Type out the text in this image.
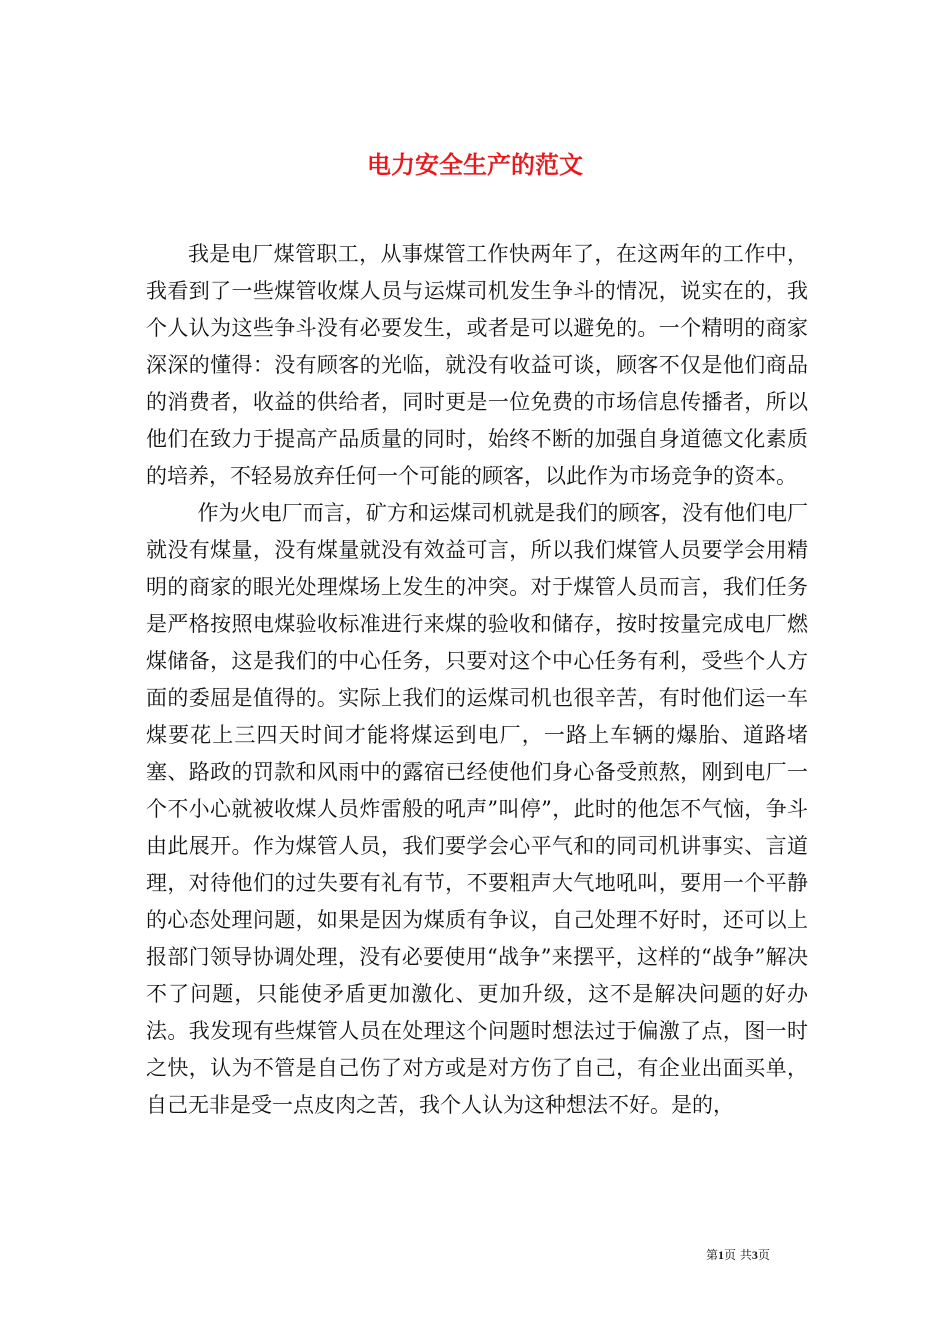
电力安全生产的范文

我是电厂煤管职工，从事煤管工作快两年了，在这两年的工作中，我看到了一些煤管收煤人员与运煤司机发生争斗的情况，说实在的，我个人认为这些争斗没有必要发生，或者是可以避免的。一个精明的商家深深的懂得：没有顾客的光临，就没有收益可谈，顾客不仅是他们商品的消费者，收益的供给者，同时更是一位免费的市场信息传播者，所以他们在致力于提高产品质量的同时，始终不断的加强自身道德文化素质的培养，不轻易放弃任何一个可能的顾客，以此作为市场竞争的资本。

作为火电厂而言，矿方和运煤司机就是我们的顾客，没有他们电厂就没有煤量，没有煤量就没有效益可言，所以我们煤管人员要学会用精明的商家的眼光处理煤场上发生的冲突。对于煤管人员而言，我们任务是严格按照电煤验收标准进行来煤的验收和储存，按时按量完成电厂燃煤储备，这是我们的中心任务，只要对这个中心任务有利，受些个人方面的委屈是值得的。实际上我们的运煤司机也很辛苦，有时他们运一车煤要花上三四天时间才能将煤运到电厂，一路上车辆的爆胎、道路堵塞、路政的罚款和风雨中的露宿已经使他们身心备受煎熬，刚到电厂一个不小心就被收煤人员炸雷般的吼声”叫停”，此时的他怎不气恼，争斗由此展开。作为煤管人员，我们要学会心平气和的同司机讲事实、言道理，对待他们的过失要有礼有节，不要粗声大气地吼叫，要用一个平静的心态处理问题，如果是因为煤质有争议，自己处理不好时，还可以上报部门领导协调处理，没有必要使用“战争”来摆平，这样的“战争”解决不了问题，只能使矛盾更加激化、更加升级，这不是解决问题的好办法。我发现有些煤管人员在处理这个问题时想法过于偏激了点，图一时之快，认为不管是自己伤了对方或是对方伤了自己，有企业出面买单，自己无非是受一点皮肉之苦，我个人认为这种想法不好。是的，

第1页 共3页
